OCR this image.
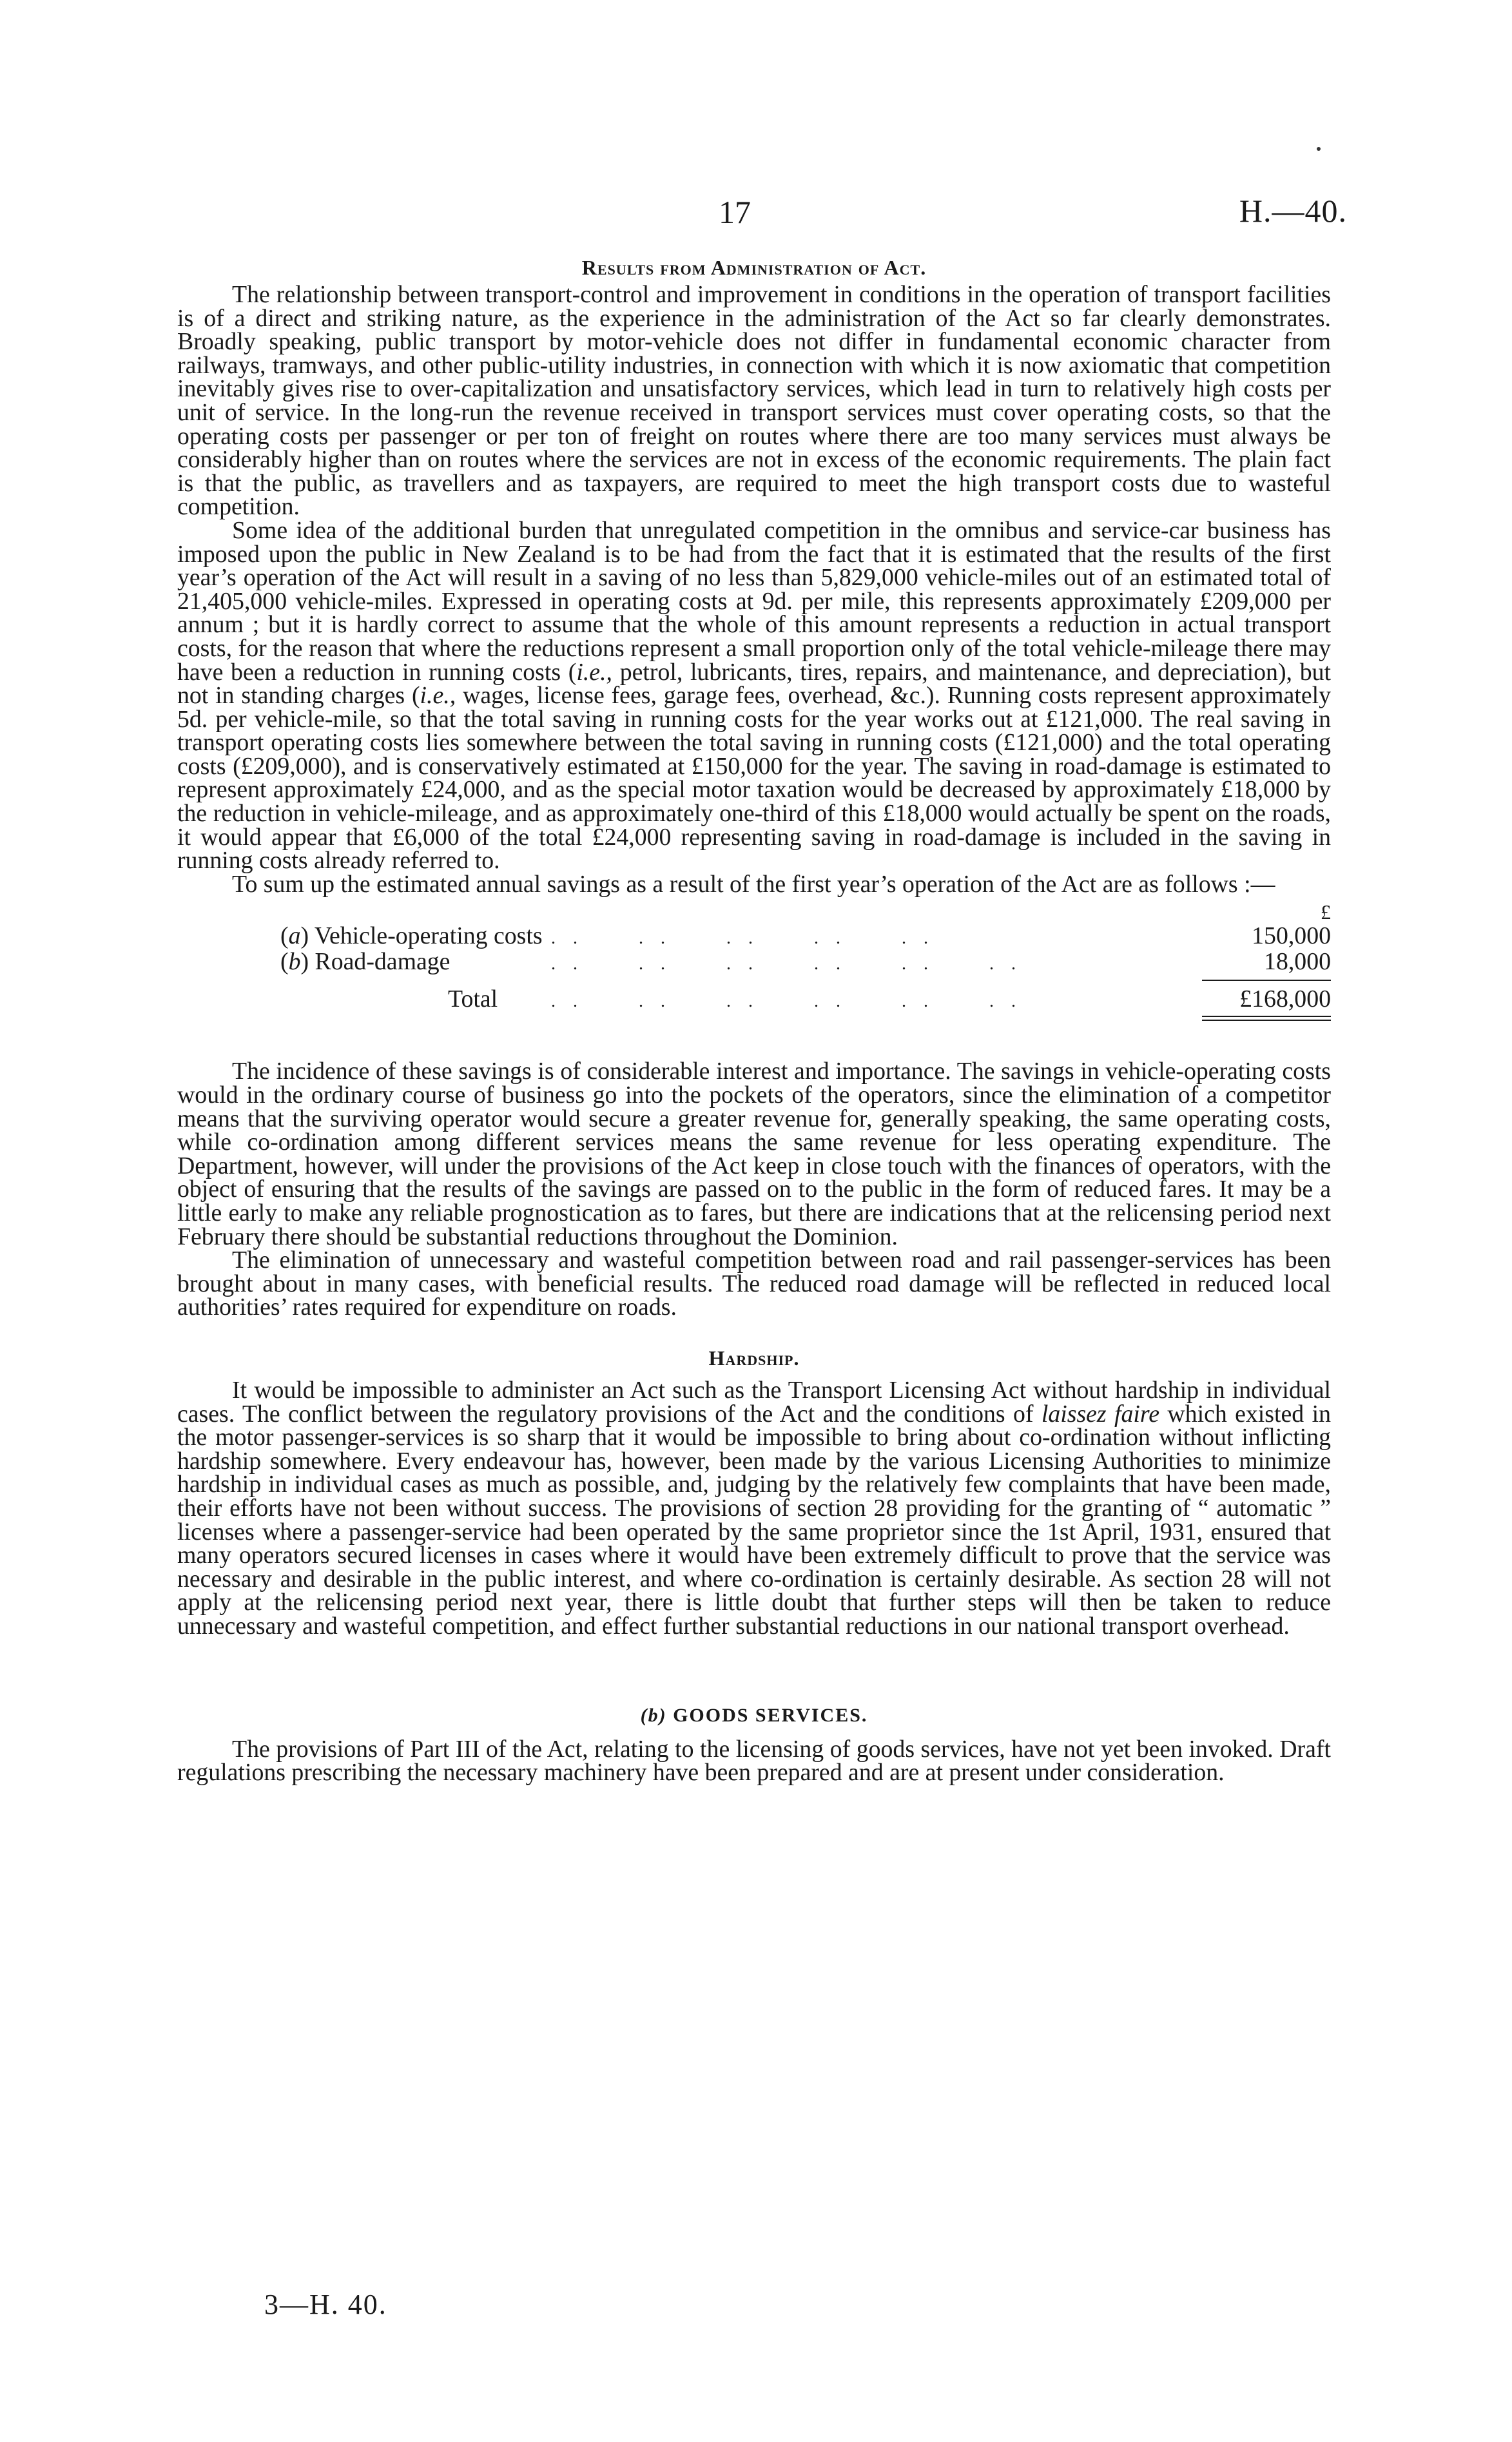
17	H.—40.
Results from Administration of Act.

The relationship between transport-control and improvement in conditions in the operation of transport facilities is of a direct and striking nature, as the experience in the administration of the Act so far clearly demonstrates. Broadly speaking, public transport by motor-vehicle does not differ in fundamental economic character from railways, tramways, and other public-utility industries, in connection with which it is now axiomatic that competition inevitably gives rise to over-capitalization and unsatisfactory services, which lead in turn to relatively high costs per unit of service. In the long-run the revenue received in transport services must cover operating costs, so that the operating costs per passenger or per ton of freight on routes where there are too many services must always be considerably higher than on routes where the services are not in excess of the economic requirements. The plain fact is that the public, as travellers and as taxpayers, are required to meet the high transport costs due to wasteful competition.

Some idea of the additional burden that unregulated competition in the omnibus and service-car business has imposed upon the public in New Zealand is to be had from the fact that it is estimated that the results of the first year’s operation of the Act will result in a saving of no less than 5,829,000 vehicle-miles out of an estimated total of 21,405,000 vehicle-miles. Expressed in operating costs at 9d. per mile, this represents approximately £209,000 per annum ; but it is hardly correct to assume that the whole of this amount represents a reduction in actual transport costs, for the reason that where the reductions represent a small proportion only of the total vehicle-mileage there may have been a reduction in running costs (i.e., petrol, lubricants, tires, repairs, and maintenance, and depreciation), but not in standing charges (i.e., wages, license fees, garage fees, overhead, &c.). Running costs represent approximately 5d. per vehicle-mile, so that the total saving in running costs for the year works out at £121,000. The real saving in transport operating costs lies somewhere between the total saving in running costs (£121,000) and the total operating costs (£209,000), and is conservatively estimated at £150,000 for the year. The saving in road-damage is estimated to represent approximately £24,000, and as the special motor taxation would be decreased by approximately £18,000 by the reduction in vehicle-mileage, and as approximately one-third of this £18,000 would actually be spent on the roads, it would appear that £6,000 of the total £24,000 representing saving in road-damage is included in the saving in running costs already referred to.

To sum up the estimated annual savings as a result of the first year’s operation of the Act are as follows :—

£
(a) Vehicle-operating costs . .     . .     . .     . .     . .	150,000
(b) Road-damage	. .     . .     . .     . .     . .     . .	18,000
Total	. .     . .     . .     . .     . .     . .	£168,000

The incidence of these savings is of considerable interest and importance. The savings in vehicle-operating costs would in the ordinary course of business go into the pockets of the operators, since the elimination of a competitor means that the surviving operator would secure a greater revenue for, generally speaking, the same operating costs, while co-ordination among different services means the same revenue for less operating expenditure. The Department, however, will under the provisions of the Act keep in close touch with the finances of operators, with the object of ensuring that the results of the savings are passed on to the public in the form of reduced fares. It may be a little early to make any reliable prognostication as to fares, but there are indications that at the relicensing period next February there should be substantial reductions throughout the Dominion.

The elimination of unnecessary and wasteful competition between road and rail passenger-services has been brought about in many cases, with beneficial results. The reduced road damage will be reflected in reduced local authorities’ rates required for expenditure on roads.

Hardship.

It would be impossible to administer an Act such as the Transport Licensing Act without hardship in individual cases. The conflict between the regulatory provisions of the Act and the conditions of laissez faire which existed in the motor passenger-services is so sharp that it would be impossible to bring about co-ordination without inflicting hardship somewhere. Every endeavour has, however, been made by the various Licensing Authorities to minimize hardship in individual cases as much as possible, and, judging by the relatively few complaints that have been made, their efforts have not been without success. The provisions of section 28 providing for the granting of “ automatic ” licenses where a passenger-service had been operated by the same proprietor since the 1st April, 1931, ensured that many operators secured licenses in cases where it would have been extremely difficult to prove that the service was necessary and desirable in the public interest, and where co-ordination is certainly desirable. As section 28 will not apply at the relicensing period next year, there is little doubt that further steps will then be taken to reduce unnecessary and wasteful competition, and effect further substantial reductions in our national transport overhead.

(b) GOODS SERVICES.

The provisions of Part III of the Act, relating to the licensing of goods services, have not yet been invoked. Draft regulations prescribing the necessary machinery have been prepared and are at present under consideration.

3—H. 40.
